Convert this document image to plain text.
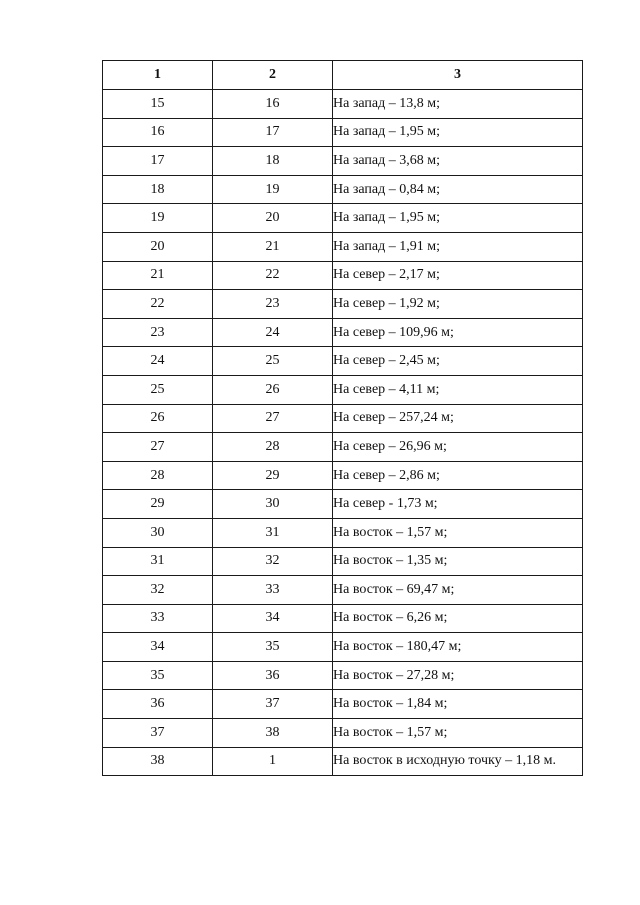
1	2	3
15	16	На запад – 13,8 м;
16	17	На запад – 1,95 м;
17	18	На запад – 3,68 м;
18	19	На запад – 0,84 м;
19	20	На запад – 1,95 м;
20	21	На запад – 1,91 м;
21	22	На север – 2,17 м;
22	23	На север – 1,92 м;
23	24	На север – 109,96 м;
24	25	На север – 2,45 м;
25	26	На север – 4,11 м;
26	27	На север – 257,24 м;
27	28	На север – 26,96 м;
28	29	На север – 2,86 м;
29	30	На север - 1,73 м;
30	31	На восток – 1,57 м;
31	32	На восток – 1,35 м;
32	33	На восток – 69,47 м;
33	34	На восток – 6,26 м;
34	35	На восток – 180,47 м;
35	36	На восток – 27,28 м;
36	37	На восток – 1,84 м;
37	38	На восток – 1,57 м;
38	1	На восток в исходную точку – 1,18 м.
